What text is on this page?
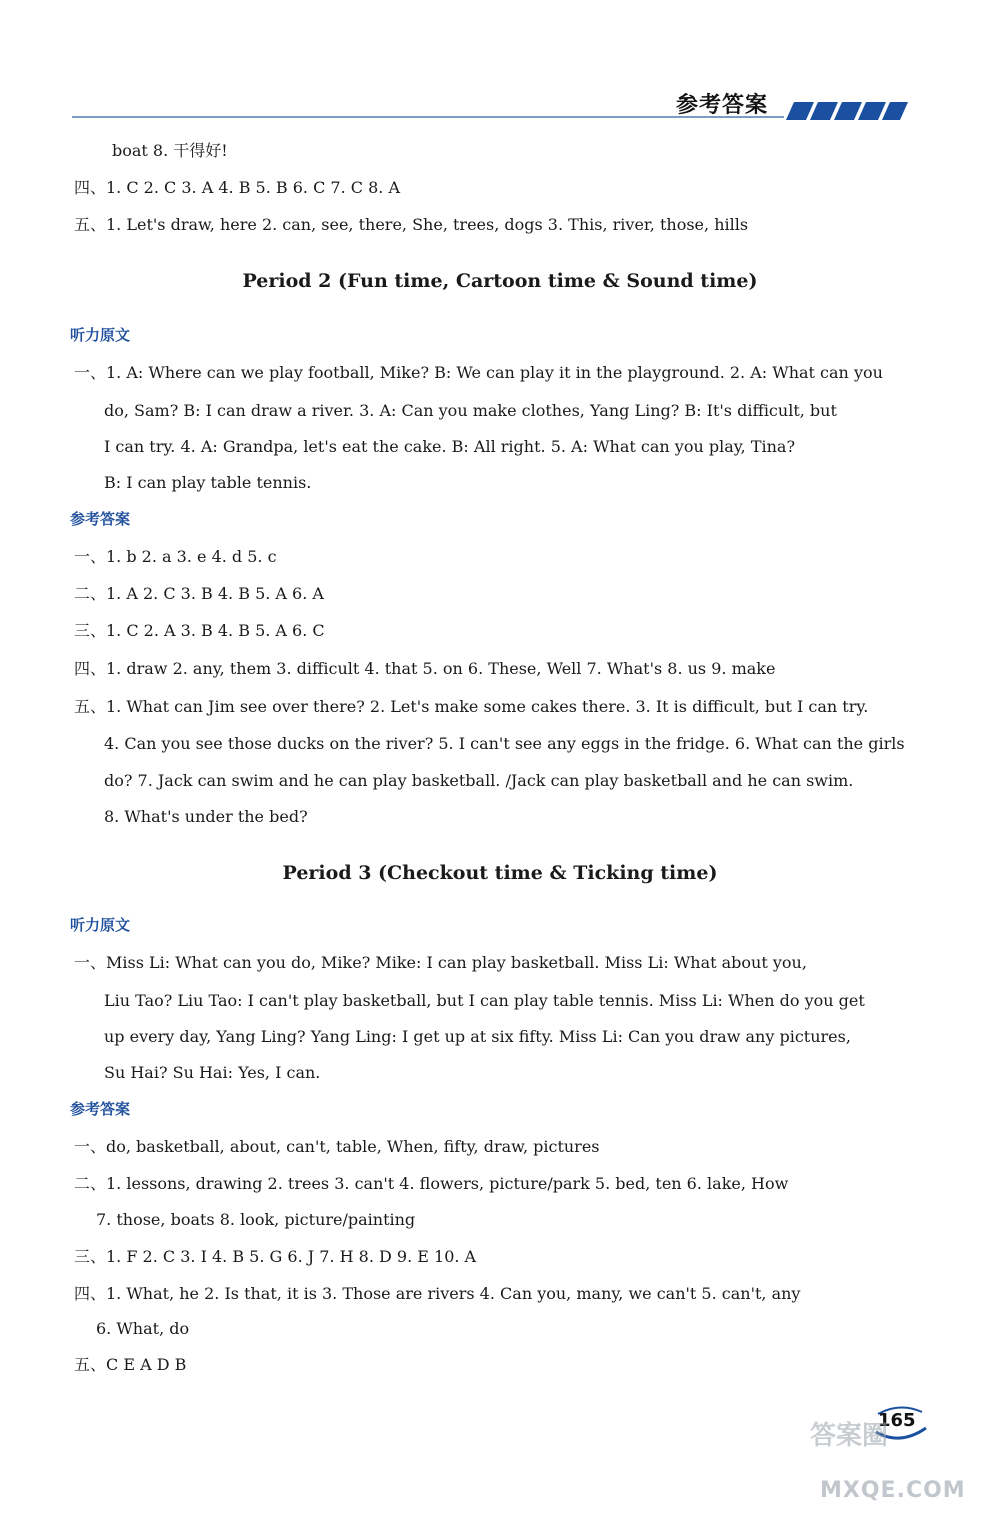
参考答案
boat 8. 干得好!
四、1. C 2. C 3. A 4. B 5. B 6. C 7. C 8. A
五、1. Let's draw, here 2. can, see, there, She, trees, dogs 3. This, river, those, hills
Period 2 (Fun time, Cartoon time & Sound time)
听力原文
一、1. A: Where can we play football, Mike? B: We can play it in the playground. 2. A: What can you
do, Sam? B: I can draw a river. 3. A: Can you make clothes, Yang Ling? B: It's difficult, but
I can try. 4. A: Grandpa, let's eat the cake. B: All right. 5. A: What can you play, Tina?
B: I can play table tennis.
参考答案
一、1. b 2. a 3. e 4. d 5. c
二、1. A 2. C 3. B 4. B 5. A 6. A
三、1. C 2. A 3. B 4. B 5. A 6. C
四、1. draw 2. any, them 3. difficult 4. that 5. on 6. These, Well 7. What's 8. us 9. make
五、1. What can Jim see over there? 2. Let's make some cakes there. 3. It is difficult, but I can try.
4. Can you see those ducks on the river? 5. I can't see any eggs in the fridge. 6. What can the girls
do? 7. Jack can swim and he can play basketball. /Jack can play basketball and he can swim.
8. What's under the bed?
Period 3 (Checkout time & Ticking time)
听力原文
一、Miss Li: What can you do, Mike? Mike: I can play basketball. Miss Li: What about you,
Liu Tao? Liu Tao: I can't play basketball, but I can play table tennis. Miss Li: When do you get
up every day, Yang Ling? Yang Ling: I get up at six fifty. Miss Li: Can you draw any pictures,
Su Hai? Su Hai: Yes, I can.
参考答案
一、do, basketball, about, can't, table, When, fifty, draw, pictures
二、1. lessons, drawing 2. trees 3. can't 4. flowers, picture/park 5. bed, ten 6. lake, How
7. those, boats 8. look, picture/painting
三、1. F 2. C 3. I 4. B 5. G 6. J 7. H 8. D 9. E 10. A
四、1. What, he 2. Is that, it is 3. Those are rivers 4. Can you, many, we can't 5. can't, any
6. What, do
五、C E A D B
165
答案圈
MXQE.COM
